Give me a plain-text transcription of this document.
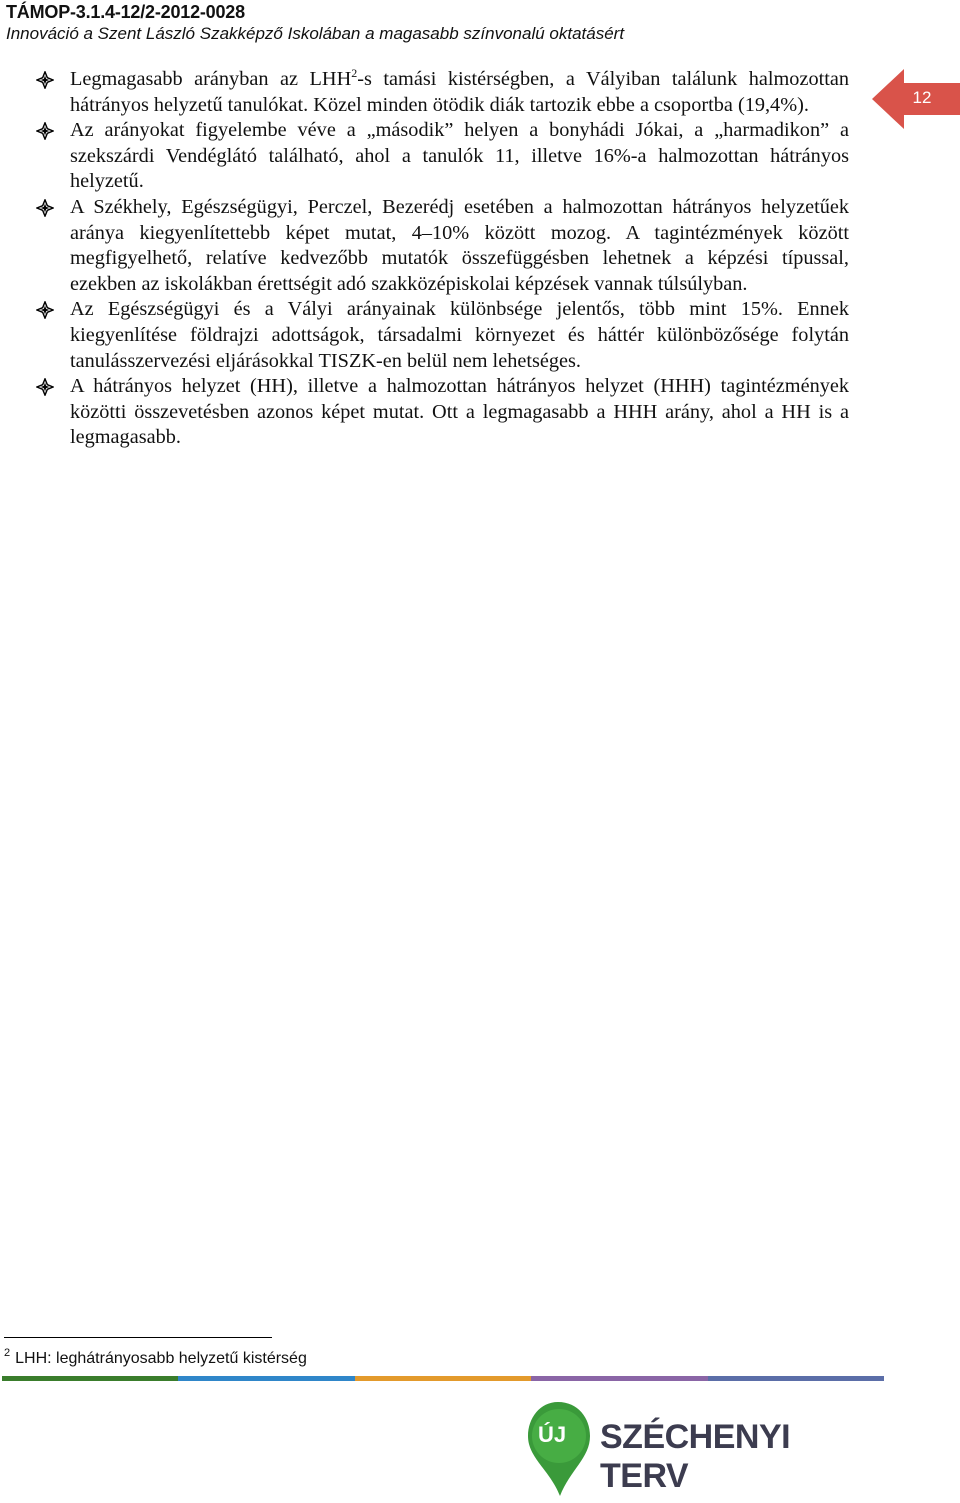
TÁMOP-3.1.4-12/2-2012-0028
Innováció a Szent László Szakképző Iskolában a magasabb színvonalú oktatásért
12
Legmagasabb arányban az LHH$^2$-s tamási kistérségben, a Vályiban találunk halmozottan hátrányos helyzetű tanulókat. Közel minden ötödik diák tartozik ebbe a csoportba (19,4%).
Az arányokat figyelembe véve a „második” helyen a bonyhádi Jókai, a „harmadikon” a szekszárdi Vendéglátó található, ahol a tanulók 11, illetve 16%-a halmozottan hátrányos helyzetű.
A Székhely, Egészségügyi, Perczel, Bezerédj esetében a halmozottan hátrányos helyzetűek aránya kiegyenlítettebb képet mutat, 4–10% között mozog. A tagintézmények között megfigyelhető, relatíve kedvezőbb mutatók összefüggésben lehetnek a képzési típussal, ezekben az iskolákban érettségit adó szakközépiskolai képzések vannak túlsúlyban.
Az Egészségügyi és a Vályi arányainak különbsége jelentős, több mint 15%. Ennek kiegyenlítése földrajzi adottságok, társadalmi környezet és háttér különbözősége folytán tanulásszervezési eljárásokkal TISZK-en belül nem lehetséges.
A hátrányos helyzet (HH), illetve a halmozottan hátrányos helyzet (HHH) tagintézmények közötti összevetésben azonos képet mutat. Ott a legmagasabb a HHH arány, ahol a HH is a legmagasabb.
$^2$ LHH: leghátrányosabb helyzetű kistérség
ÚJ SZÉCHENYI TERV
